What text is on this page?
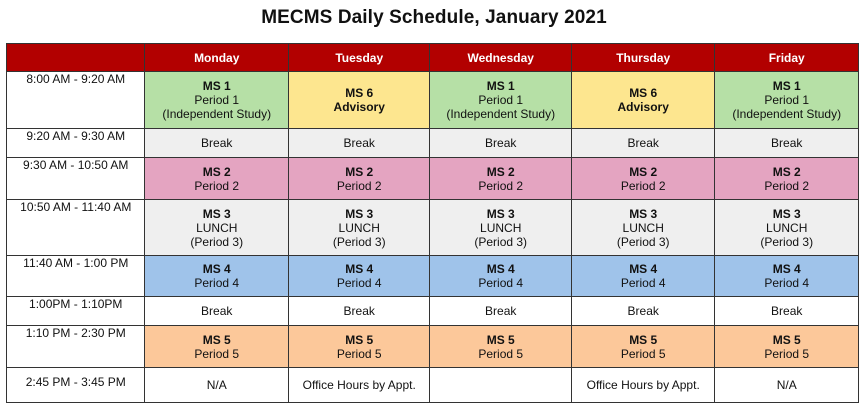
MECMS Daily Schedule, January 2021
	Monday	Tuesday	Wednesday	Thursday	Friday
8:00 AM - 9:20 AM	MS 1
Period 1
(Independent Study)	MS 6
Advisory	MS 1
Period 1
(Independent Study)	MS 6
Advisory	MS 1
Period 1
(Independent Study)

9:20 AM - 9:30 AM	Break	Break	Break	Break	Break
9:30 AM - 10:50 AM	MS 2
Period 2	MS 2
Period 2	MS 2
Period 2	MS 2
Period 2	MS 2
Period 2

10:50 AM - 11:40 AM	MS 3
LUNCH
(Period 3)	MS 3
LUNCH
(Period 3)	MS 3
LUNCH
(Period 3)	MS 3
LUNCH
(Period 3)	MS 3
LUNCH
(Period 3)

11:40 AM - 1:00 PM	MS 4
Period 4	MS 4
Period 4	MS 4
Period 4	MS 4
Period 4	MS 4
Period 4

1:00PM - 1:10PM	Break	Break	Break	Break	Break
1:10 PM - 2:30 PM	MS 5
Period 5	MS 5
Period 5	MS 5
Period 5	MS 5
Period 5	MS 5
Period 5

2:45 PM - 3:45 PM	N/A	Office Hours by Appt.		Office Hours by Appt.	N/A
